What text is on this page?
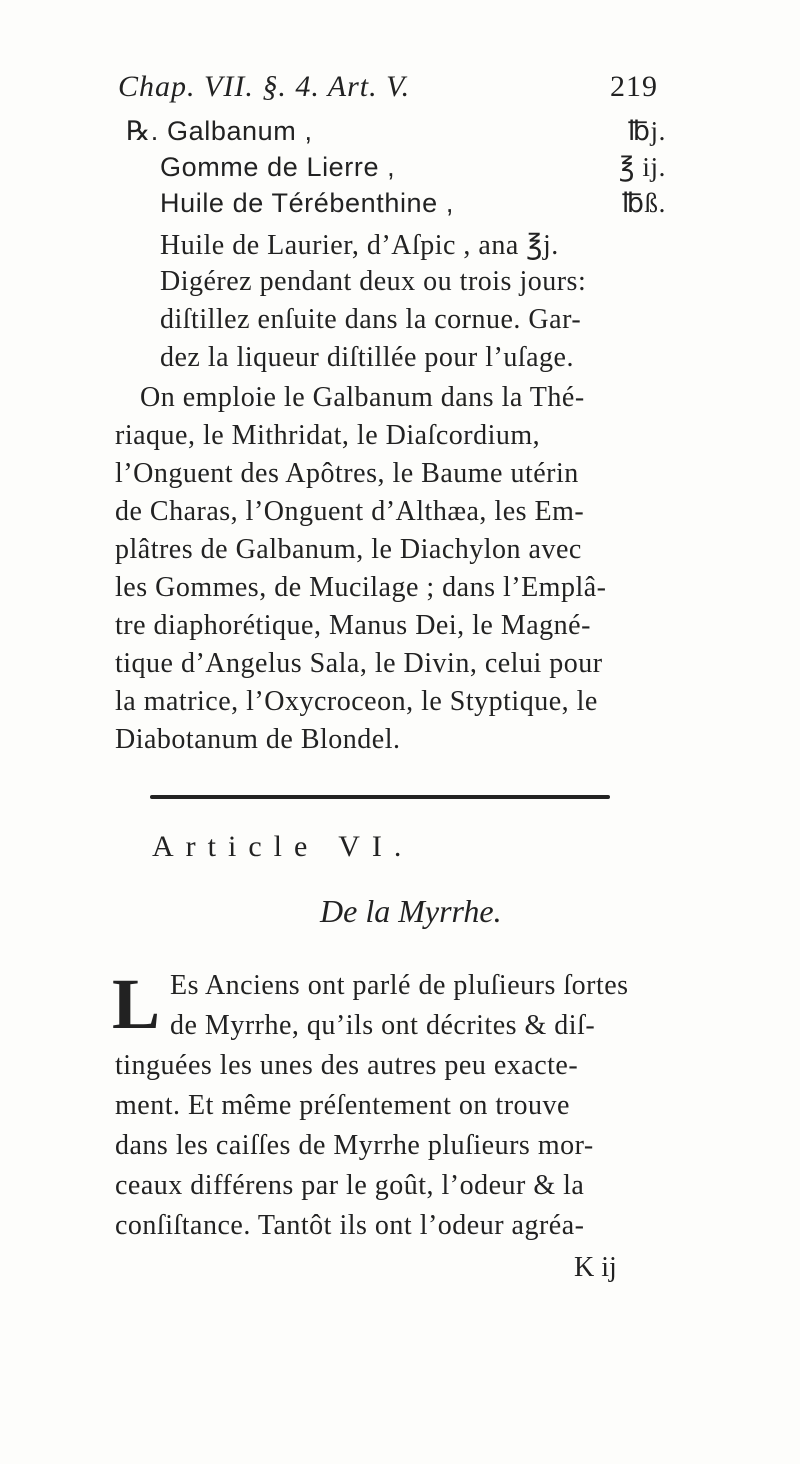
Chap. VII. §. 4. Art. V.	219
℞. Galbanum ,	℔j.
Gomme de Lierre ,	℥ ij.
Huile de Térébenthine ,	℔ß.
Huile de Laurier, d’Aſpic , ana ℥j.
Digérez pendant deux ou trois jours:
diſtillez enſuite dans la cornue. Gar-
dez la liqueur diſtillée pour l’uſage.
On emploie le Galbanum dans la Thé-
riaque, le Mithridat, le Diaſcordium,
l’Onguent des Apôtres, le Baume utérin
de Charas, l’Onguent d’Althæa, les Em-
plâtres de Galbanum, le Diachylon avec
les Gommes, de Mucilage ; dans l’Emplâ-
tre diaphorétique, Manus Dei, le Magné-
tique d’Angelus Sala, le Divin, celui pour
la matrice, l’Oxycroceon, le Styptique, le
Diabotanum de Blondel.
Article VI.
De la Myrrhe.
L Es Anciens ont parlé de pluſieurs ſortes
de Myrrhe, qu’ils ont décrites & diſ-
tinguées les unes des autres peu exacte-
ment. Et même préſentement on trouve
dans les caiſſes de Myrrhe pluſieurs mor-
ceaux différens par le goût, l’odeur & la
conſiſtance. Tantôt ils ont l’odeur agréa-
K ij
